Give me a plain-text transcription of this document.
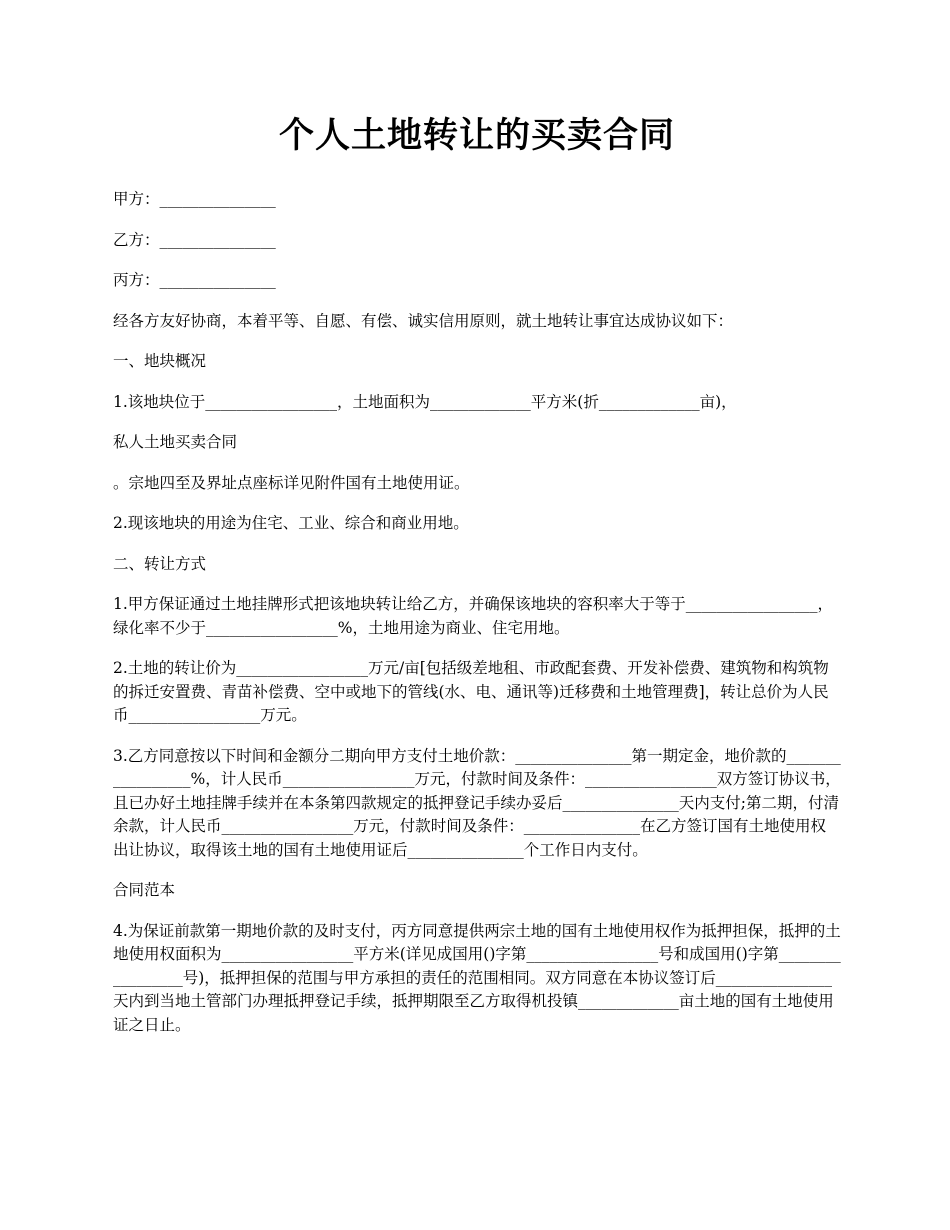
个人土地转让的买卖合同

甲方：_______________

乙方：_______________

丙方：_______________

经各方友好协商，本着平等、自愿、有偿、诚实信用原则，就土地转让事宜达成协议如下：

一、地块概况

1.该地块位于_________________，土地面积为_____________平方米(折_____________亩)，

私人土地买卖合同

。宗地四至及界址点座标详见附件国有土地使用证。

2.现该地块的用途为住宅、工业、综合和商业用地。

二、转让方式

1.甲方保证通过土地挂牌形式把该地块转让给乙方，并确保该地块的容积率大于等于_________________，绿化率不少于_________________%，土地用途为商业、住宅用地。

2.土地的转让价为_________________万元/亩[包括级差地租、市政配套费、开发补偿费、建筑物和构筑物的拆迁安置费、青苗补偿费、空中或地下的管线(水、电、通讯等)迁移费和土地管理费]，转让总价为人民币_________________万元。

3.乙方同意按以下时间和金额分二期向甲方支付土地价款：_______________第一期定金，地价款的_________________%，计人民币_________________万元，付款时间及条件：_________________双方签订协议书，且已办好土地挂牌手续并在本条第四款规定的抵押登记手续办妥后_______________天内支付;第二期，付清余款，计人民币_________________万元，付款时间及条件：_______________在乙方签订国有土地使用权出让协议，取得该土地的国有土地使用证后_______________个工作日内支付。

合同范本

4.为保证前款第一期地价款的及时支付，丙方同意提供两宗土地的国有土地使用权作为抵押担保，抵押的土地使用权面积为_________________平方米(详见成国用()字第_________________号和成国用()字第_________________号)，抵押担保的范围与甲方承担的责任的范围相同。双方同意在本协议签订后_______________天内到当地土管部门办理抵押登记手续，抵押期限至乙方取得机投镇_____________亩土地的国有土地使用证之日止。
